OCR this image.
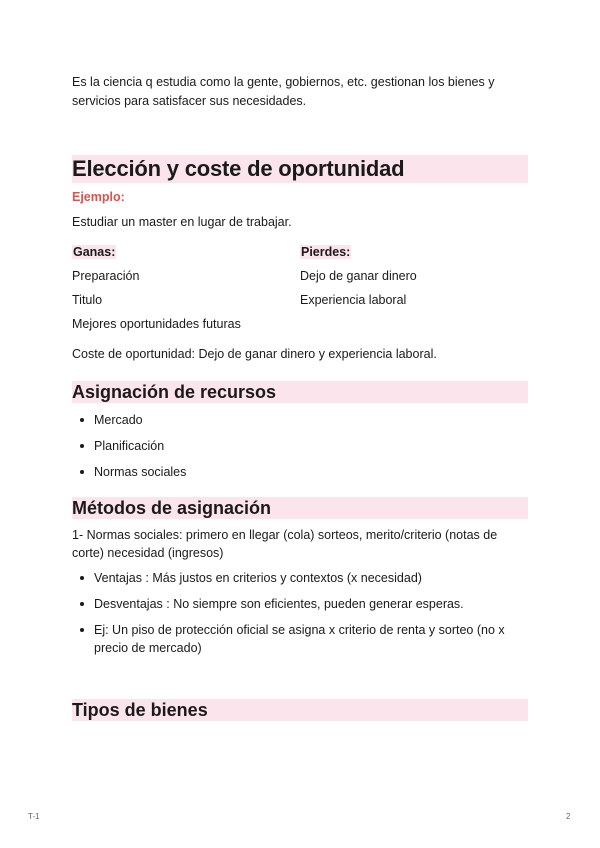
Es la ciencia q estudia como la gente, gobiernos, etc. gestionan los bienes y servicios para satisfacer sus necesidades.

Elección y coste de oportunidad
Ejemplo:
Estudiar un master en lugar de trabajar.
Ganas:	Pierdes:
Preparación
Titulo
Mejores oportunidades futuras
Dejo de ganar dinero
Experiencia laboral
Coste de oportunidad: Dejo de ganar dinero y experiencia laboral.
Asignación de recursos
Mercado
Planificación
Normas sociales
Métodos de asignación

1- Normas sociales: primero en llegar (cola) sorteos, merito/criterio (notas de corte) necesidad (ingresos)

Ventajas : Más justos en criterios y contextos (x necesidad)
Desventajas : No siempre son eficientes, pueden generar esperas.
Ej: Un piso de protección oficial se asigna x criterio de renta y sorteo (no x precio de mercado)
Tipos de bienes
T-1	2
